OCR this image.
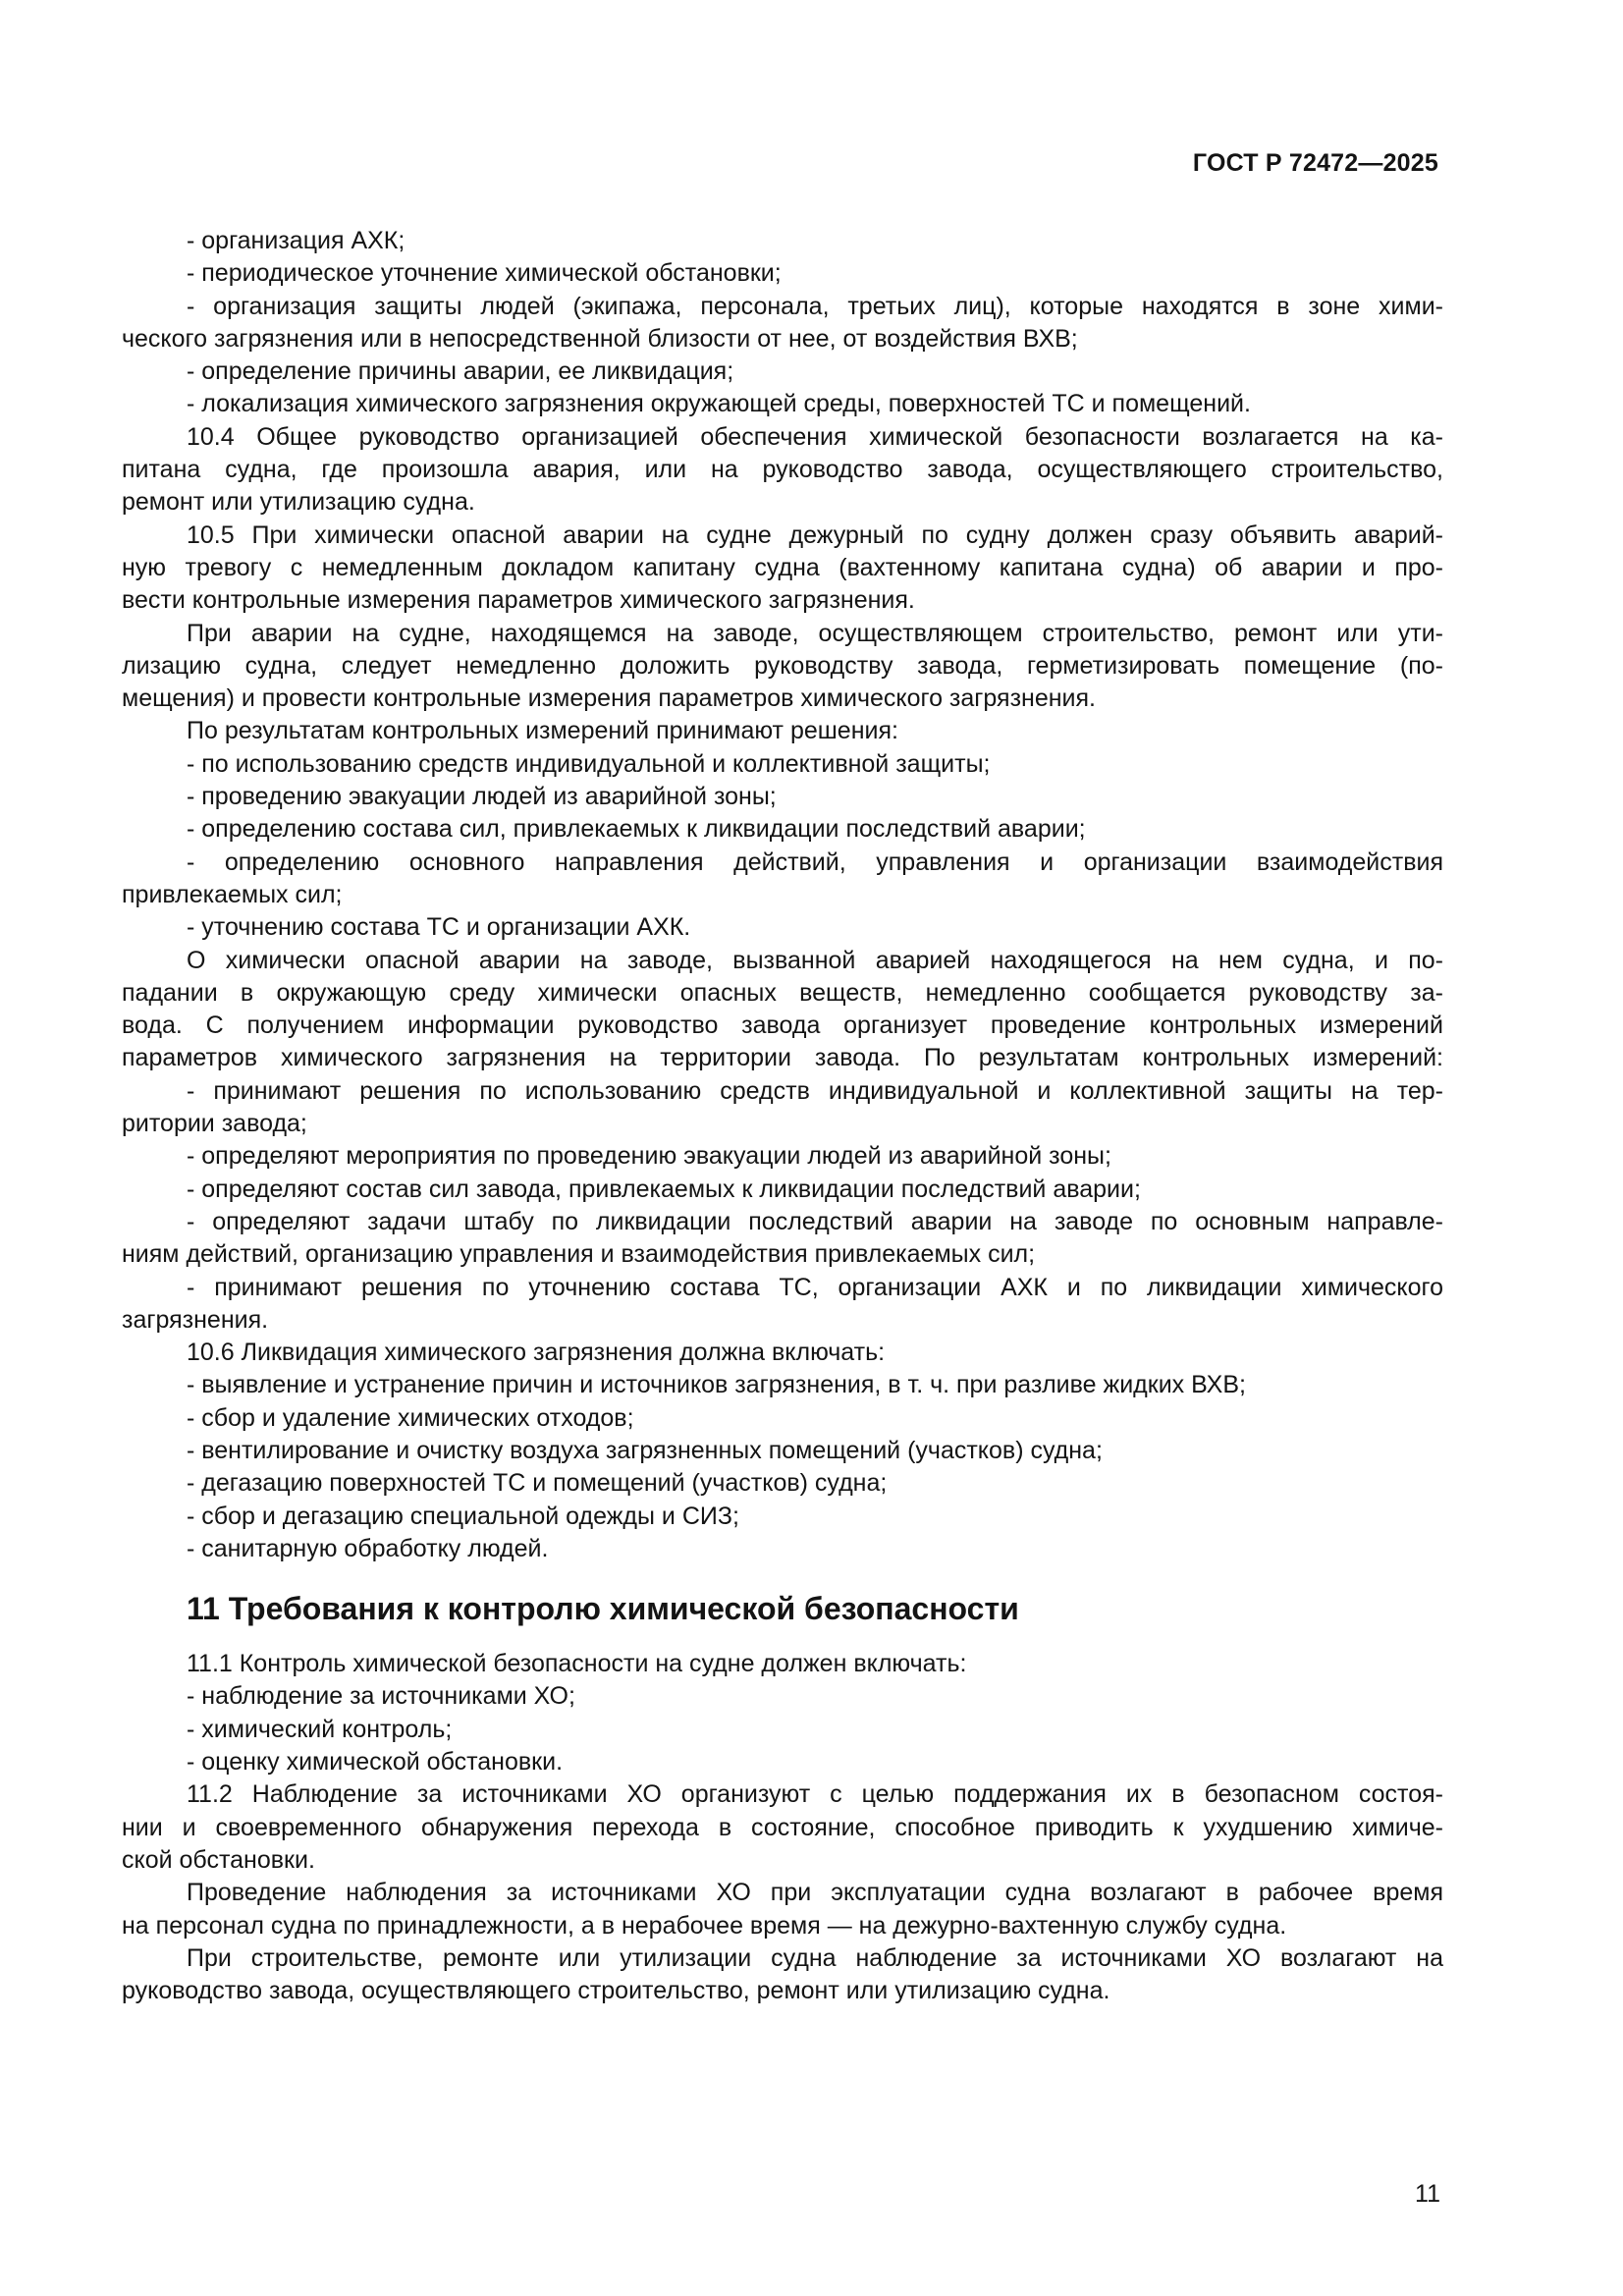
ГОСТ Р 72472—2025
- организация АХК;
- периодическое уточнение химической обстановки;
- организация защиты людей (экипажа, персонала, третьих лиц), которые находятся в зоне хими-
ческого загрязнения или в непосредственной близости от нее, от воздействия ВХВ;
- определение причины аварии, ее ликвидация;
- локализация химического загрязнения окружающей среды, поверхностей ТС и помещений.
10.4 Общее руководство организацией обеспечения химической безопасности возлагается на ка-
питана судна, где произошла авария, или на руководство завода, осуществляющего строительство,
ремонт или утилизацию судна.
10.5 При химически опасной аварии на судне дежурный по судну должен сразу объявить аварий-
ную тревогу с немедленным докладом капитану судна (вахтенному капитана судна) об аварии и про-
вести контрольные измерения параметров химического загрязнения.
При аварии на судне, находящемся на заводе, осуществляющем строительство, ремонт или ути-
лизацию судна, следует немедленно доложить руководству завода, герметизировать помещение (по-
мещения) и провести контрольные измерения параметров химического загрязнения.
По результатам контрольных измерений принимают решения:
- по использованию средств индивидуальной и коллективной защиты;
- проведению эвакуации людей из аварийной зоны;
- определению состава сил, привлекаемых к ликвидации последствий аварии;
- определению основного направления действий, управления и организации взаимодействия
привлекаемых сил;
- уточнению состава ТС и организации АХК.
О химически опасной аварии на заводе, вызванной аварией находящегося на нем судна, и по-
падании в окружающую среду химически опасных веществ, немедленно сообщается руководству за-
вода. С получением информации руководство завода организует проведение контрольных измерений
параметров химического загрязнения на территории завода. По результатам контрольных измерений:
- принимают решения по использованию средств индивидуальной и коллективной защиты на тер-
ритории завода;
- определяют мероприятия по проведению эвакуации людей из аварийной зоны;
- определяют состав сил завода, привлекаемых к ликвидации последствий аварии;
- определяют задачи штабу по ликвидации последствий аварии на заводе по основным направле-
ниям действий, организацию управления и взаимодействия привлекаемых сил;
- принимают решения по уточнению состава ТС, организации АХК и по ликвидации химического
загрязнения.
10.6 Ликвидация химического загрязнения должна включать:
- выявление и устранение причин и источников загрязнения, в т. ч. при разливе жидких ВХВ;
- сбор и удаление химических отходов;
- вентилирование и очистку воздуха загрязненных помещений (участков) судна;
- дегазацию поверхностей ТС и помещений (участков) судна;
- сбор и дегазацию специальной одежды и СИЗ;
- санитарную обработку людей.
11 Требования к контролю химической безопасности
11.1 Контроль химической безопасности на судне должен включать:
- наблюдение за источниками ХО;
- химический контроль;
- оценку химической обстановки.
11.2 Наблюдение за источниками ХО организуют с целью поддержания их в безопасном состоя-
нии и своевременного обнаружения перехода в состояние, способное приводить к ухудшению химиче-
ской обстановки.
Проведение наблюдения за источниками ХО при эксплуатации судна возлагают в рабочее время
на персонал судна по принадлежности, а в нерабочее время — на дежурно-вахтенную службу судна.
При строительстве, ремонте или утилизации судна наблюдение за источниками ХО возлагают на
руководство завода, осуществляющего строительство, ремонт или утилизацию судна.
11
